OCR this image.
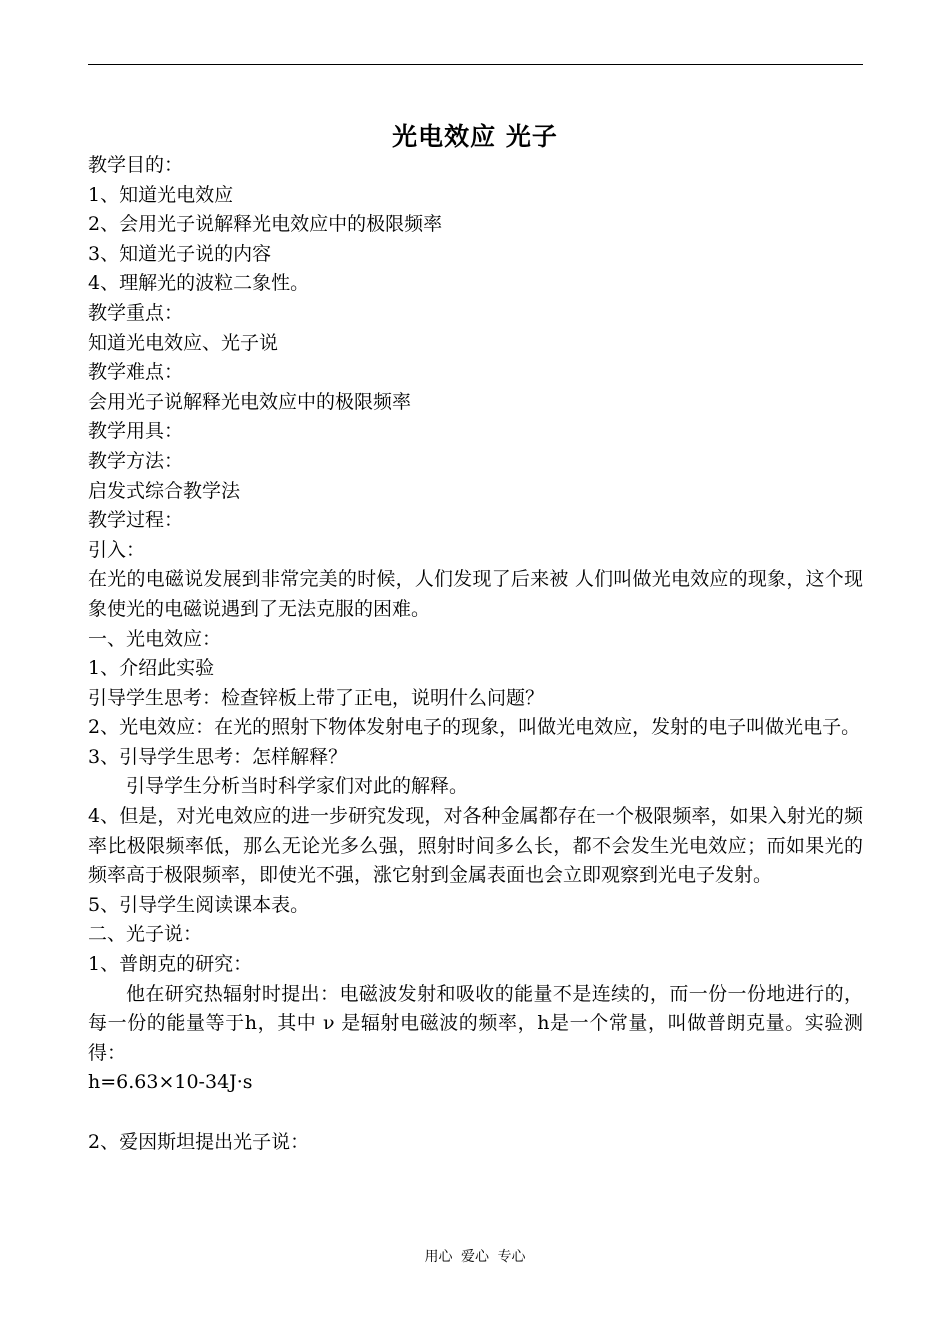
光电效应 光子

教学目的：

1、知道光电效应

2、会用光子说解释光电效应中的极限频率

3、知道光子说的内容

4、理解光的波粒二象性。

教学重点：

知道光电效应、光子说

教学难点：

会用光子说解释光电效应中的极限频率

教学用具：

教学方法：

启发式综合教学法

教学过程：

引入：

在光的电磁说发展到非常完美的时候，人们发现了后来被 人们叫做光电效应的现象，这个现象使光的电磁说遇到了无法克服的困难。

一、光电效应：

1、介绍此实验

引导学生思考：检查锌板上带了正电，说明什么问题？

2、光电效应：在光的照射下物体发射电子的现象，叫做光电效应，发射的电子叫做光电子。

3、引导学生思考：怎样解释？

引导学生分析当时科学家们对此的解释。

4、但是，对光电效应的进一步研究发现，对各种金属都存在一个极限频率，如果入射光的频率比极限频率低，那么无论光多么强，照射时间多么长，都不会发生光电效应；而如果光的频率高于极限频率，即使光不强，涨它射到金属表面也会立即观察到光电子发射。

5、引导学生阅读课本表。

二、光子说：

1、普朗克的研究：

他在研究热辐射时提出：电磁波发射和吸收的能量不是连续的，而一份一份地进行的，每一份的能量等于h，其中 ν 是辐射电磁波的频率，h是一个常量，叫做普朗克量。实验测得：

h=6.63×10-34J·s

2、爱因斯坦提出光子说：

用心 爱心 专心
